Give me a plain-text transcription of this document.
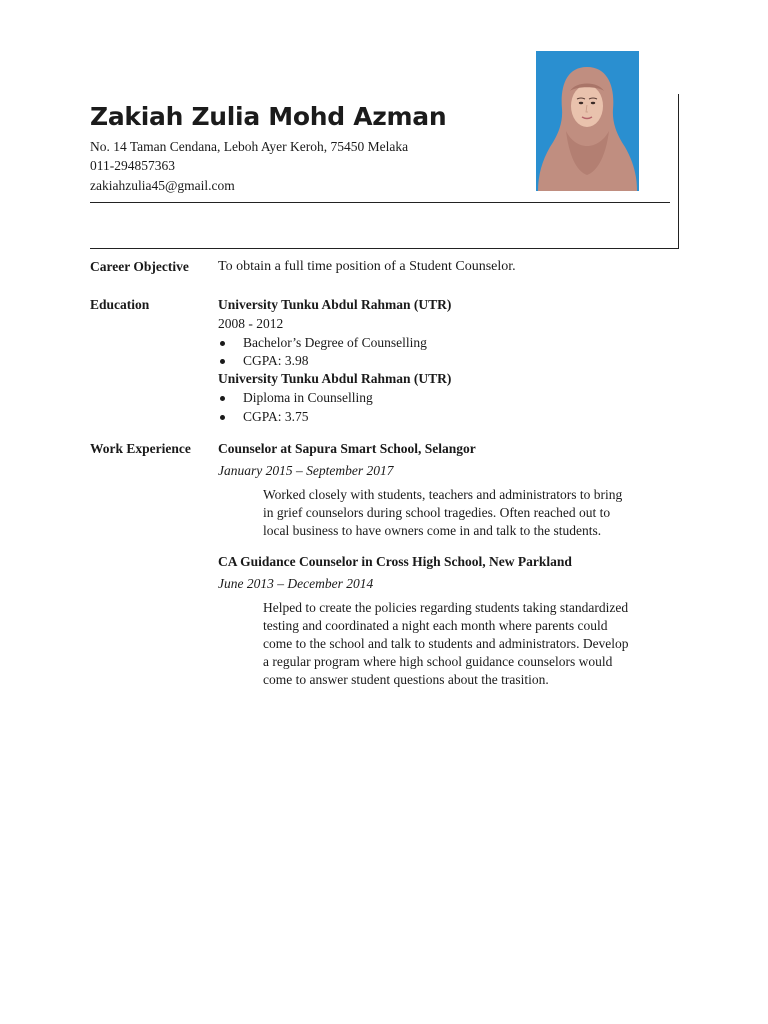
Zakiah Zulia Mohd Azman
No. 14 Taman Cendana, Leboh Ayer Keroh, 75450 Melaka
011-294857363
zakiahzulia45@gmail.com
Career Objective To obtain a full time position of a Student Counselor.
Education	University Tunku Abdul Rahman (UTR)
2008 - 2012
Bachelor’s Degree of Counselling
CGPA: 3.98
University Tunku Abdul Rahman (UTR)
Diploma in Counselling
CGPA: 3.75
Work Experience Counselor at Sapura Smart School, Selangor
January 2015 – September 2017
Worked closely with students, teachers and administrators to bring
in grief counselors during school tragedies. Often reached out to
local business to have owners come in and talk to the students.
CA Guidance Counselor in Cross High School, New Parkland
June 2013 – December 2014
Helped to create the policies regarding students taking standardized
testing and coordinated a night each month where parents could
come to the school and talk to students and administrators. Develop
a regular program where high school guidance counselors would
come to answer student questions about the trasition.
